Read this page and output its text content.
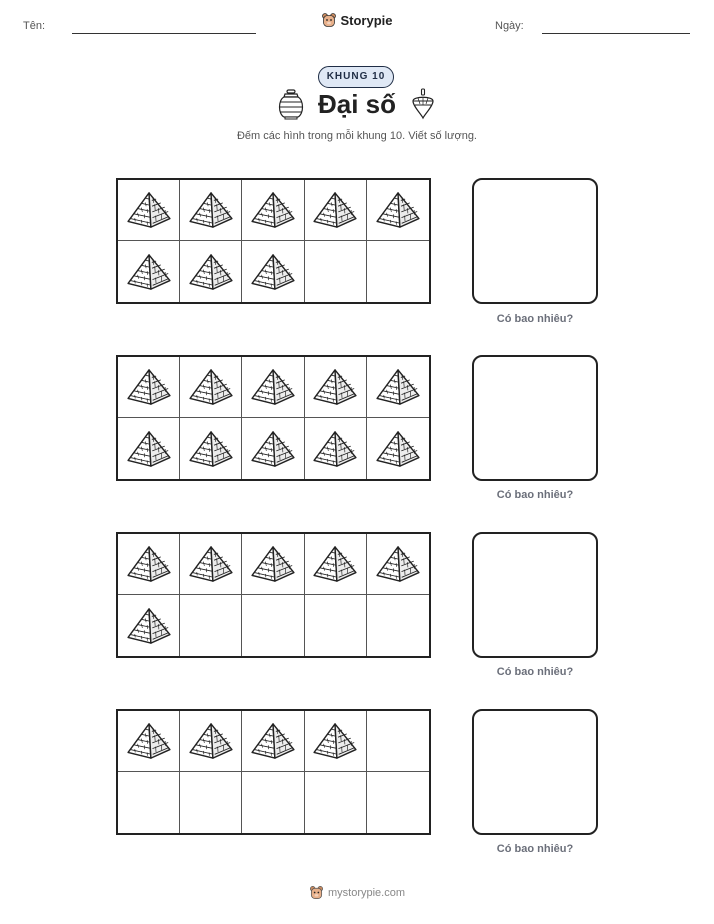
Tên:	Storypie	Ngày:
KHUNG 10
Đại số
Đếm các hình trong mỗi khung 10. Viết số lượng.
Có bao nhiêu?
Có bao nhiêu?
Có bao nhiêu?
Có bao nhiêu?
mystorypie.com
